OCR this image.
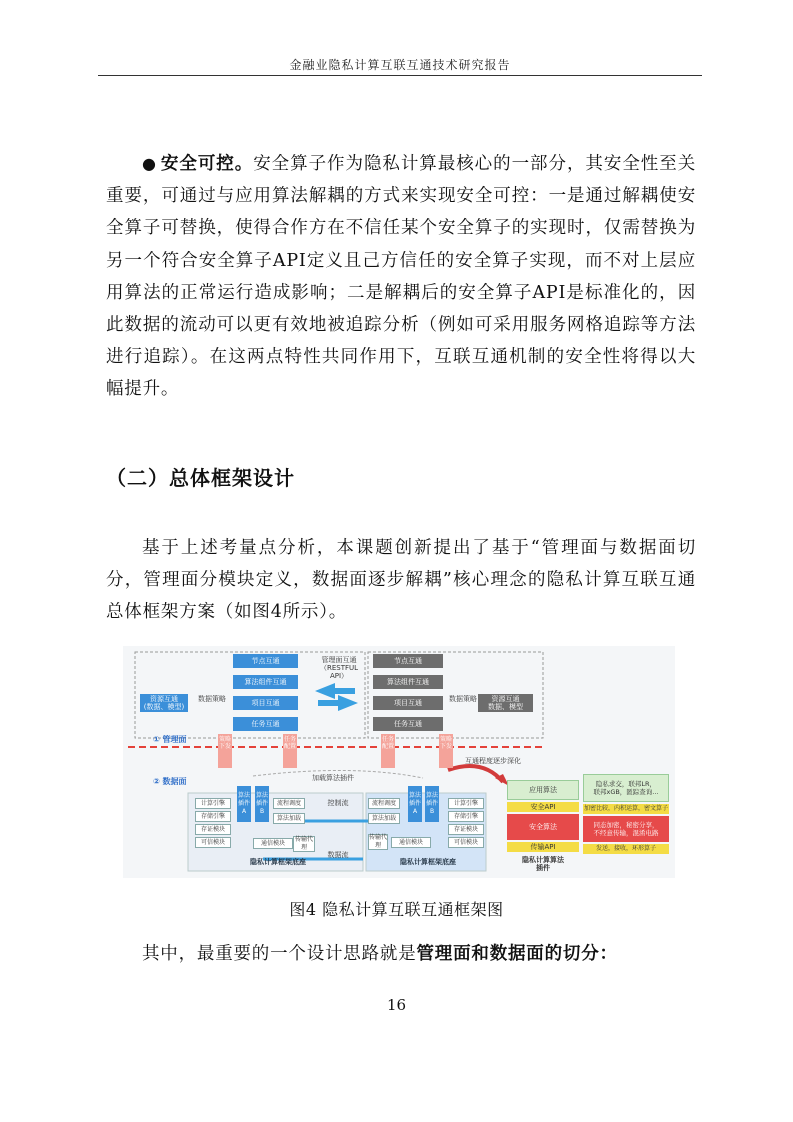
金融业隐私计算互联互通技术研究报告
● 安全可控。安全算子作为隐私计算最核心的一部分，其安全性至关重要，可通过与应用算法解耦的方式来实现安全可控：一是通过解耦使安全算子可替换，使得合作方在不信任某个安全算子的实现时，仅需替换为另一个符合安全算子API定义且己方信任的安全算子实现，而不对上层应用算法的正常运行造成影响；二是解耦后的安全算子API是标准化的，因此数据的流动可以更有效地被追踪分析（例如可采用服务网格追踪等方法进行追踪）。在这两点特性共同作用下，互联互通机制的安全性将得以大幅提升。
（二）总体框架设计
基于上述考量点分析，本课题创新提出了基于“管理面与数据面切分，管理面分模块定义，数据面逐步解耦”核心理念的隐私计算互联互通总体框架方案（如图4所示）。
节点互通
算法组件互通
项目互通
任务互通
资源互通
(数据、模型)
数据策略
节点互通
算法组件互通
项目互通
任务互通
资源互通
数据、模型
数据策略
管理面互通
（RESTFUL
API）
① 管理面
② 数据面
策略下发
任务配置
任务配置
策略下发
互通程度逐步深化
加载算法插件
计算引擎
存储引擎
存证模块
可信模块
算法插件A
算法插件B
流程调度
算法加载
通信模块	传输代理
隐私计算框架底座
控制流
数据流
流程调度
算法加载
算法插件A
算法插件B
计算引擎
存储引擎
存证模块
可信模块
传输代理	通信模块
隐私计算框架底座
应用算法
安全API
安全算法
传输API
隐私计算算法
插件
隐私求交，联邦LR，
联邦xGB，匿踪查询...
加密比较，内积运算，密文算子
同态加密，秘密分享，
不经意传输，混淆电路
发送，接收，环形算子
图4 隐私计算互联互通框架图
其中，最重要的一个设计思路就是管理面和数据面的切分：
16
